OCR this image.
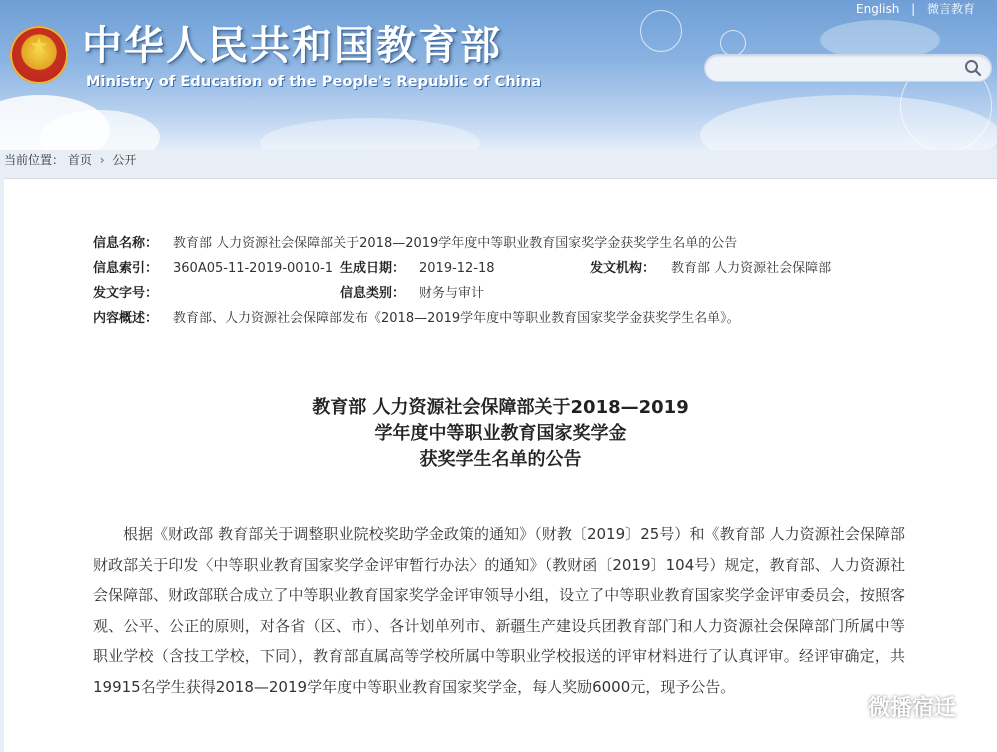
★ 中华人民共和国教育部
Ministry of Education of the People's Republic of China
English | 微言教育
当前位置： 首页 › 公开
信息名称： 教育部 人力资源社会保障部关于2018—2019学年度中等职业教育国家奖学金获奖学生名单的公告
信息索引： 360A05-11-2019-0010-1 生成日期： 2019-12-18	发文机构： 教育部 人力资源社会保障部
发文字号：	信息类别： 财务与审计
内容概述： 教育部、人力资源社会保障部发布《2018—2019学年度中等职业教育国家奖学金获奖学生名单》。
教育部 人力资源社会保障部关于2018—2019
学年度中等职业教育国家奖学金
获奖学生名单的公告
根据《财政部 教育部关于调整职业院校奖助学金政策的通知》（财教〔2019〕25号）和《教育部 人力资源社会保障部 财政部关于印发〈中等职业教育国家奖学金评审暂行办法〉的通知》（教财函〔2019〕104号）规定，教育部、人力资源社会保障部、财政部联合成立了中等职业教育国家奖学金评审领导小组，设立了中等职业教育国家奖学金评审委员会，按照客观、公平、公正的原则，对各省（区、市）、各计划单列市、新疆生产建设兵团教育部门和人力资源社会保障部门所属中等职业学校（含技工学校，下同），教育部直属高等学校所属中等职业学校报送的评审材料进行了认真评审。经评审确定，共19915名学生获得2018—2019学年度中等职业教育国家奖学金，每人奖励6000元，现予公告。
微播宿迁
